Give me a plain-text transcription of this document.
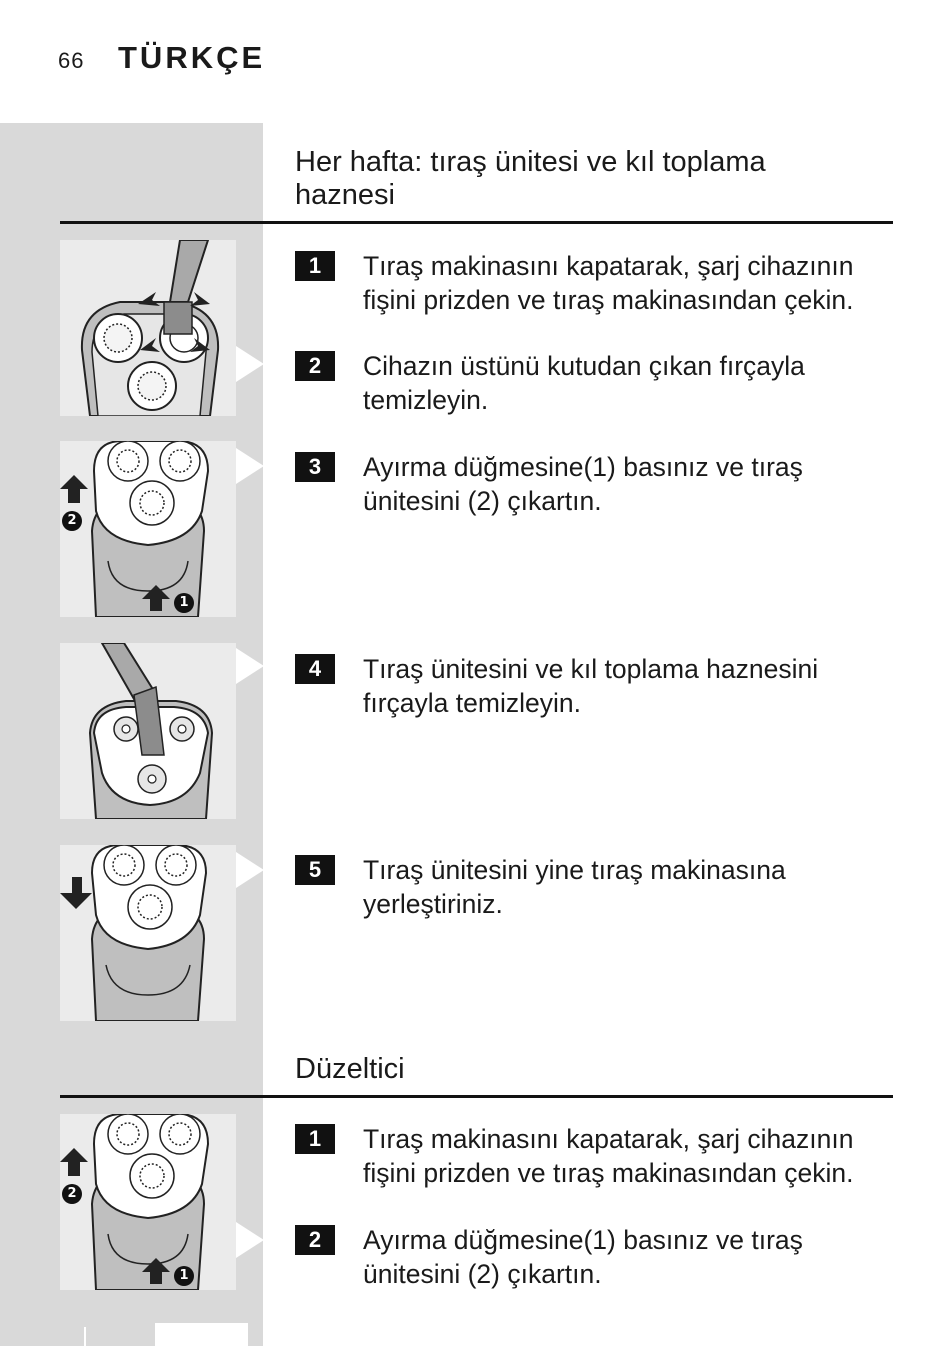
66 TÜRKÇE
Her hafta: tıraş ünitesi ve kıl toplama haznesi
1	Tıraş makinasını kapatarak, şarj cihazının fişini prizden ve tıraş makinasından çekin.
2	Cihazın üstünü kutudan çıkan fırçayla temizleyin.
2
1
3	Ayırma düğmesine(1) basınız ve tıraş ünitesini (2) çıkartın.
4	Tıraş ünitesini ve kıl toplama haznesini fırçayla temizleyin.
5	Tıraş ünitesini yine tıraş makinasına yerleştiriniz.
Düzeltici
2
1
1	Tıraş makinasını kapatarak, şarj cihazının fişini prizden ve tıraş makinasından çekin.
2	Ayırma düğmesine(1) basınız ve tıraş ünitesini (2) çıkartın.
